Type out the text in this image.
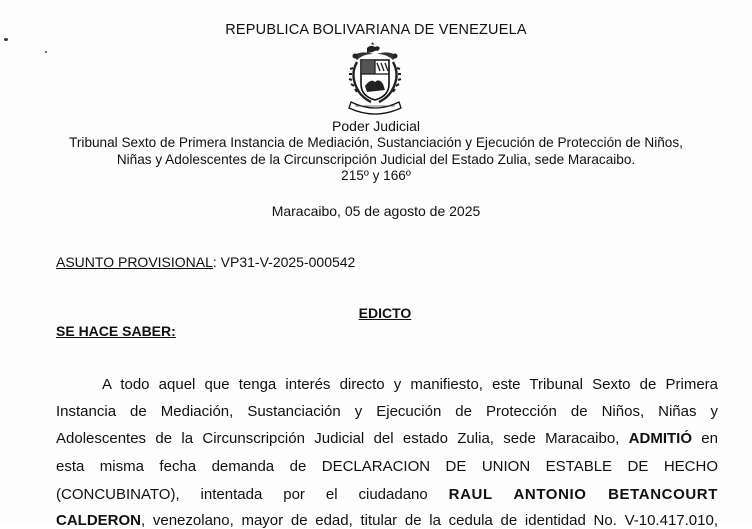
REPUBLICA BOLIVARIANA DE VENEZUELA
Poder Judicial
Tribunal Sexto de Primera Instancia de Mediación, Sustanciación y Ejecución de Protección de Niños,
Niñas y Adolescentes de la Circunscripción Judicial del Estado Zulia, sede Maracaibo.
215º y 166º
Maracaibo, 05 de agosto de 2025
ASUNTO PROVISIONAL: VP31-V-2025-000542
EDICTO
SE HACE SABER:
A todo aquel que tenga interés directo y manifiesto, este Tribunal Sexto de Primera
Instancia de Mediación, Sustanciación y Ejecución de Protección de Niños, Niñas y
Adolescentes de la Circunscripción Judicial del estado Zulia, sede Maracaibo, ADMITIÓ en
esta misma fecha demanda de DECLARACION DE UNION ESTABLE DE HECHO
(CONCUBINATO), intentada por el ciudadano RAUL ANTONIO BETANCOURT
CALDERON, venezolano, mayor de edad, titular de la cedula de identidad No. V-10.417.010,
